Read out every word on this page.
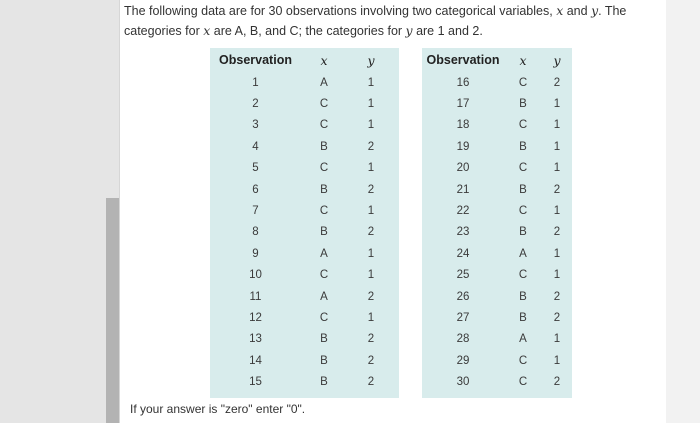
The following data are for 30 observations involving two categorical variables, x and y. The
categories for x are A, B, and C; the categories for y are 1 and 2.
Observation	x	y
1	A	1
2	C	1
3	C	1
4	B	2
5	C	1
6	B	2
7	C	1
8	B	2
9	A	1
10	C	1
11	A	2
12	C	1
13	B	2
14	B	2
15	B	2
Observation	x	y
16	C	2
17	B	1
18	C	1
19	B	1
20	C	1
21	B	2
22	C	1
23	B	2
24	A	1
25	C	1
26	B	2
27	B	2
28	A	1
29	C	1
30	C	2
If your answer is "zero" enter "0".
